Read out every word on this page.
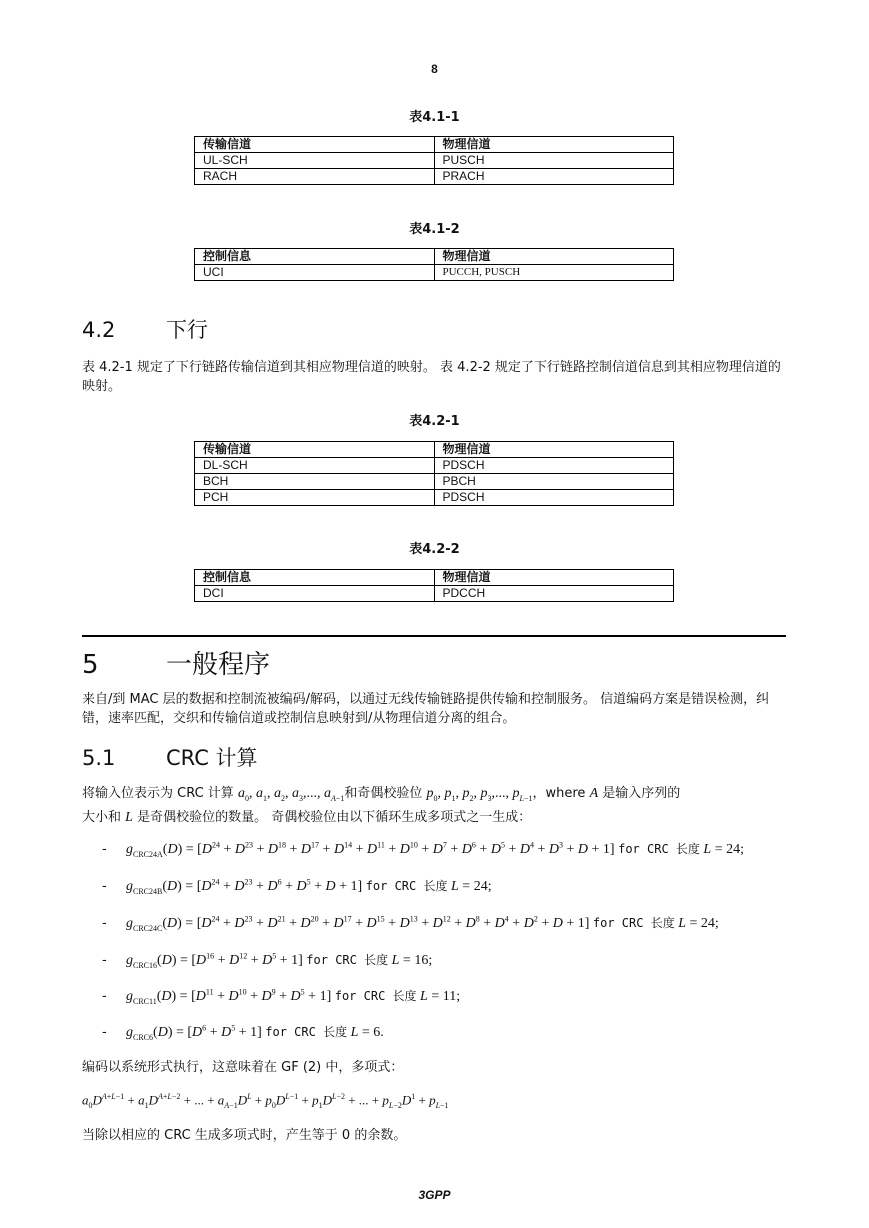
8
表4.1-1
传输信道	物理信道
UL-SCH	PUSCH
RACH	PRACH
表4.1-2
控制信息	物理信道
UCI	PUCCH, PUSCH
4.2 下行
表 4.2-1 规定了下行链路传输信道到其相应物理信道的映射。 表 4.2-2 规定了下行链路控制信道信息到其相应物理信道的映射。
表4.2-1
传输信道	物理信道
DL-SCH	PDSCH
BCH	PBCH
PCH	PDSCH
表4.2-2
控制信息	物理信道
DCI	PDCCH
5	一般程序
来自/到 MAC 层的数据和控制流被编码/解码，以通过无线传输链路提供传输和控制服务。 信道编码方案是错误检测，纠错，速率匹配，交织和传输信道或控制信息映射到/从物理信道分离的组合。
5.1 CRC 计算
将输入位表示为 CRC 计算 $a_0$, $a_1$, $a_2$, $a_3$,..., $a_{A-1}$和奇偶校验位 $p_0$, $p_1$, $p_2$, $p_3$,..., $p_{L-1}$，where A 是输入序列的
大小和 L 是奇偶校验位的数量。 奇偶校验位由以下循环生成多项式之一生成：
- $g_{CRC24A}(D) = [D^{24} + D^{23} + D^{18} + D^{17} + D^{14} + D^{11} + D^{10} + D^7 + D^6 + D^5 + D^4 + D^3 + D + 1]$ for CRC 长度 L = 24;
- $g_{CRC24B}(D) = [D^{24} + D^{23} + D^6 + D^5 + D + 1]$ for CRC 长度 L = 24;
- $g_{CRC24C}(D) = [D^{24} + D^{23} + D^{21} + D^{20} + D^{17} + D^{15} + D^{13} + D^{12} + D^8 + D^4 + D^2 + D + 1]$ for CRC 长度 L = 24;
- $g_{CRC16}(D) = [D^{16} + D^{12} + D^5 + 1]$ for CRC 长度 L = 16;
- $g_{CRC11}(D) = [D^{11} + D^{10} + D^9 + D^5 + 1]$ for CRC 长度 L = 11;
- $g_{CRC6}(D) = [D^6 + D^5 + 1]$ for CRC 长度 L = 6.
编码以系统形式执行，这意味着在 GF (2) 中，多项式：
$a_0D^{A+L-1} + a_1D^{A+L-2}$ + ... + $a_{A-1}D^L + p_0D^{L-1} + p_1D^{L-2}$ + ... + $p_{L-2}D^1 + p_{L-1}$
当除以相应的 CRC 生成多项式时，产生等于 0 的余数。
3GPP
